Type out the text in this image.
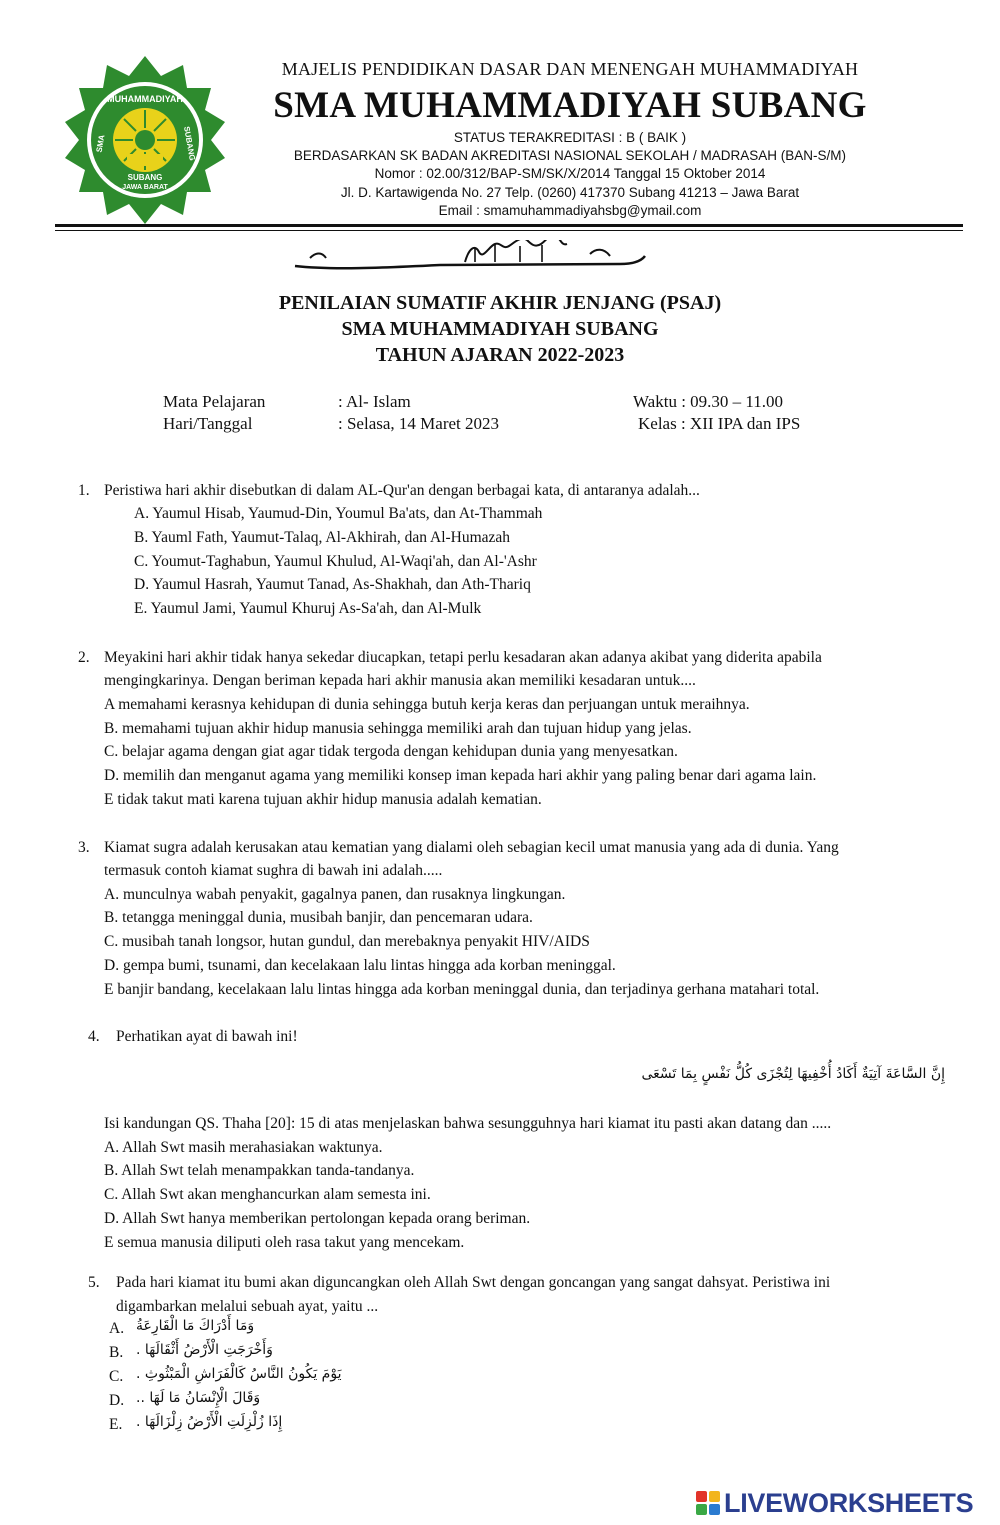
MUHAMMADIYAH
SMA	SUBANG
SUBANG
JAWA BARAT
MAJELIS PENDIDIKAN DASAR DAN MENENGAH MUHAMMADIYAH
SMA MUHAMMADIYAH SUBANG
STATUS TERAKREDITASI : B ( BAIK )
BERDASARKAN SK BADAN AKREDITASI NASIONAL SEKOLAH / MADRASAH (BAN-S/M)
Nomor : 02.00/312/BAP-SM/SK/X/2014 Tanggal 15 Oktober 2014
Jl. D. Kartawigenda No. 27 Telp. (0260) 417370 Subang 41213 – Jawa Barat
Email : smamuhammadiyahsbg@ymail.com
PENILAIAN SUMATIF AKHIR JENJANG (PSAJ)
SMA MUHAMMADIYAH SUBANG
TAHUN AJARAN 2022-2023
Mata Pelajaran	: Al- Islam	Waktu : 09.30 – 11.00
Hari/Tanggal	: Selasa, 14 Maret 2023	Kelas : XII IPA dan IPS
1. Peristiwa hari akhir disebutkan di dalam AL-Qur'an dengan berbagai kata, di antaranya adalah...
A. Yaumul Hisab, Yaumud-Din, Youmul Ba'ats, dan At-Thammah
B. Yauml Fath, Yaumut-Talaq, Al-Akhirah, dan Al-Humazah
C. Youmut-Taghabun, Yaumul Khulud, Al-Waqi'ah, dan Al-'Ashr
D. Yaumul Hasrah, Yaumut Tanad, As-Shakhah, dan Ath-Thariq
E. Yaumul Jami, Yaumul Khuruj As-Sa'ah, dan Al-Mulk
2. Meyakini hari akhir tidak hanya sekedar diucapkan, tetapi perlu kesadaran akan adanya akibat yang diderita apabila
mengingkarinya. Dengan beriman kepada hari akhir manusia akan memiliki kesadaran untuk....
A memahami kerasnya kehidupan di dunia sehingga butuh kerja keras dan perjuangan untuk meraihnya.
B. memahami tujuan akhir hidup manusia sehingga memiliki arah dan tujuan hidup yang jelas.
C. belajar agama dengan giat agar tidak tergoda dengan kehidupan dunia yang menyesatkan.
D. memilih dan menganut agama yang memiliki konsep iman kepada hari akhir yang paling benar dari agama lain.
E tidak takut mati karena tujuan akhir hidup manusia adalah kematian.
3. Kiamat sugra adalah kerusakan atau kematian yang dialami oleh sebagian kecil umat manusia yang ada di dunia. Yang
termasuk contoh kiamat sughra di bawah ini adalah.....
A. munculnya wabah penyakit, gagalnya panen, dan rusaknya lingkungan.
B. tetangga meninggal dunia, musibah banjir, dan pencemaran udara.
C. musibah tanah longsor, hutan gundul, dan merebaknya penyakit HIV/AIDS
D. gempa bumi, tsunami, dan kecelakaan lalu lintas hingga ada korban meninggal.
E banjir bandang, kecelakaan lalu lintas hingga ada korban meninggal dunia, dan terjadinya gerhana matahari total.
4. Perhatikan ayat di bawah ini!
إِنَّ السَّاعَةَ آتِيَةٌ أَكَادُ أُخْفِيهَا لِتُجْزَى كُلُّ نَفْسٍ بِمَا تَسْعَى
Isi kandungan QS. Thaha [20]: 15 di atas menjelaskan bahwa sesungguhnya hari kiamat itu pasti akan datang dan .....
A. Allah Swt masih merahasiakan waktunya.
B. Allah Swt telah menampakkan tanda-tandanya.
C. Allah Swt akan menghancurkan alam semesta ini.
D. Allah Swt hanya memberikan pertolongan kepada orang beriman.
E semua manusia diliputi oleh rasa takut yang mencekam.
5. Pada hari kiamat itu bumi akan diguncangkan oleh Allah Swt dengan goncangan yang sangat dahsyat. Peristiwa ini
digambarkan melalui sebuah ayat, yaitu ...
A. وَمَا أَدْرَاكَ مَا الْقَارِعَةُ
B. وَأَخْرَجَتِ الْأَرْضُ أَثْقَالَهَا .
C. يَوْمَ يَكُونُ النَّاسُ كَالْفَرَاشِ الْمَبْثُوثِ .
D. وَقَالَ الْإِنْسَانُ مَا لَهَا ..
E. إِذَا زُلْزِلَتِ الْأَرْضُ زِلْزَالَهَا .
LIVEWORKSHEETS
